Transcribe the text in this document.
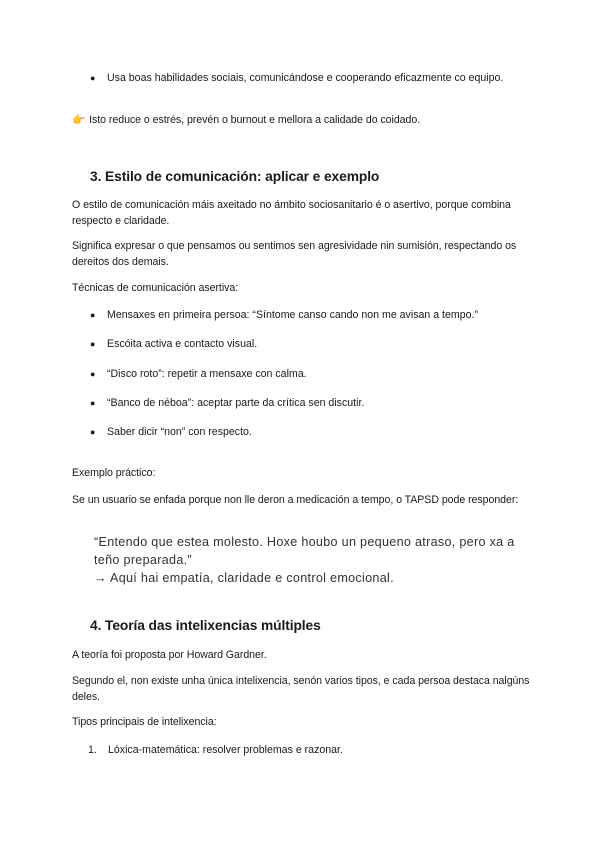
●	Usa boas habilidades sociais, comunicándose e cooperando eficazmente co equipo.

👉 Isto reduce o estrés, prevén o burnout e mellora a calidade do coidado.

3. Estilo de comunicación: aplicar e exemplo

O estilo de comunicación máis axeitado no ámbito sociosanitario é o asertivo, porque combina respecto e claridade.

Significa expresar o que pensamos ou sentimos sen agresividade nin sumisión, respectando os dereitos dos demais.

Técnicas de comunicación asertiva:

●	Mensaxes en primeira persoa: “Síntome canso cando non me avisan a tempo.”
●	Escóita activa e contacto visual.
●	“Disco roto”: repetir a mensaxe con calma.
●	“Banco de néboa”: aceptar parte da crítica sen discutir.
●	Saber dicir “non” con respecto.

Exemplo práctico:

Se un usuario se enfada porque non lle deron a medicación a tempo, o TAPSD pode responder:

“Entendo que estea molesto. Hoxe houbo un pequeno atraso, pero xa a teño preparada.”

→ Aquí hai empatía, claridade e control emocional.

4. Teoría das intelixencias múltiples

A teoría foi proposta por Howard Gardner.

Segundo el, non existe unha única intelixencia, senón varios tipos, e cada persoa destaca nalgúns deles.

Tipos principais de intelixencia:

1.	Lóxica-matemática: resolver problemas e razonar.
